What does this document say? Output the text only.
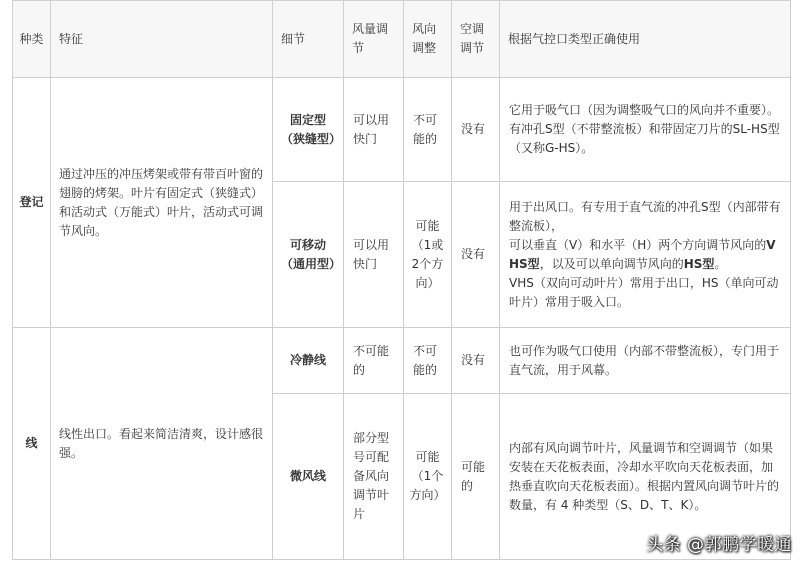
种类	特征	细节	风量调节	风向调整	空调调节	根据气控口类型正确使用
登记	通过冲压的冲压烤架或带有带百叶窗的翅膀的烤架。叶片有固定式（狭缝式）和活动式（万能式）叶片，活动式可调节风向。	固定型（狭缝型）	可以用快门	不可能的	没有	它用于吸气口（因为调整吸气口的风向并不重要）。
有冲孔S型（不带整流板）和带固定刀片的SL-HS型（又称G-HS）。
		可移动（通用型）	可以用快门	可能（1或 2个方向）	没有	用于出风口。有专用于直气流的冲孔S型（内部带有整流板），
可以垂直（V）和水平（H）两个方向调节风向的VHS型，以及可以单向调节风向的HS型。
VHS（双向可动叶片）常用于出口，HS（单向可动叶片）常用于吸入口。
线	线性出口。看起来简洁清爽，设计感很强。	冷静线	不可能的	不可能的	没有	也可作为吸气口使用（内部不带整流板），专门用于直气流，用于风幕。
		微风线	部分型号可配备风向调节叶片	可能（1个方向）	可能的	内部有风向调节叶片，风量调节和空调调节（如果安装在天花板表面，冷却水平吹向天花板表面，加热垂直吹向天花板表面）。根据内置风向调节叶片的数量，有 4 种类型（S、D、T、K）。
头条 @郭鹏学暖通
